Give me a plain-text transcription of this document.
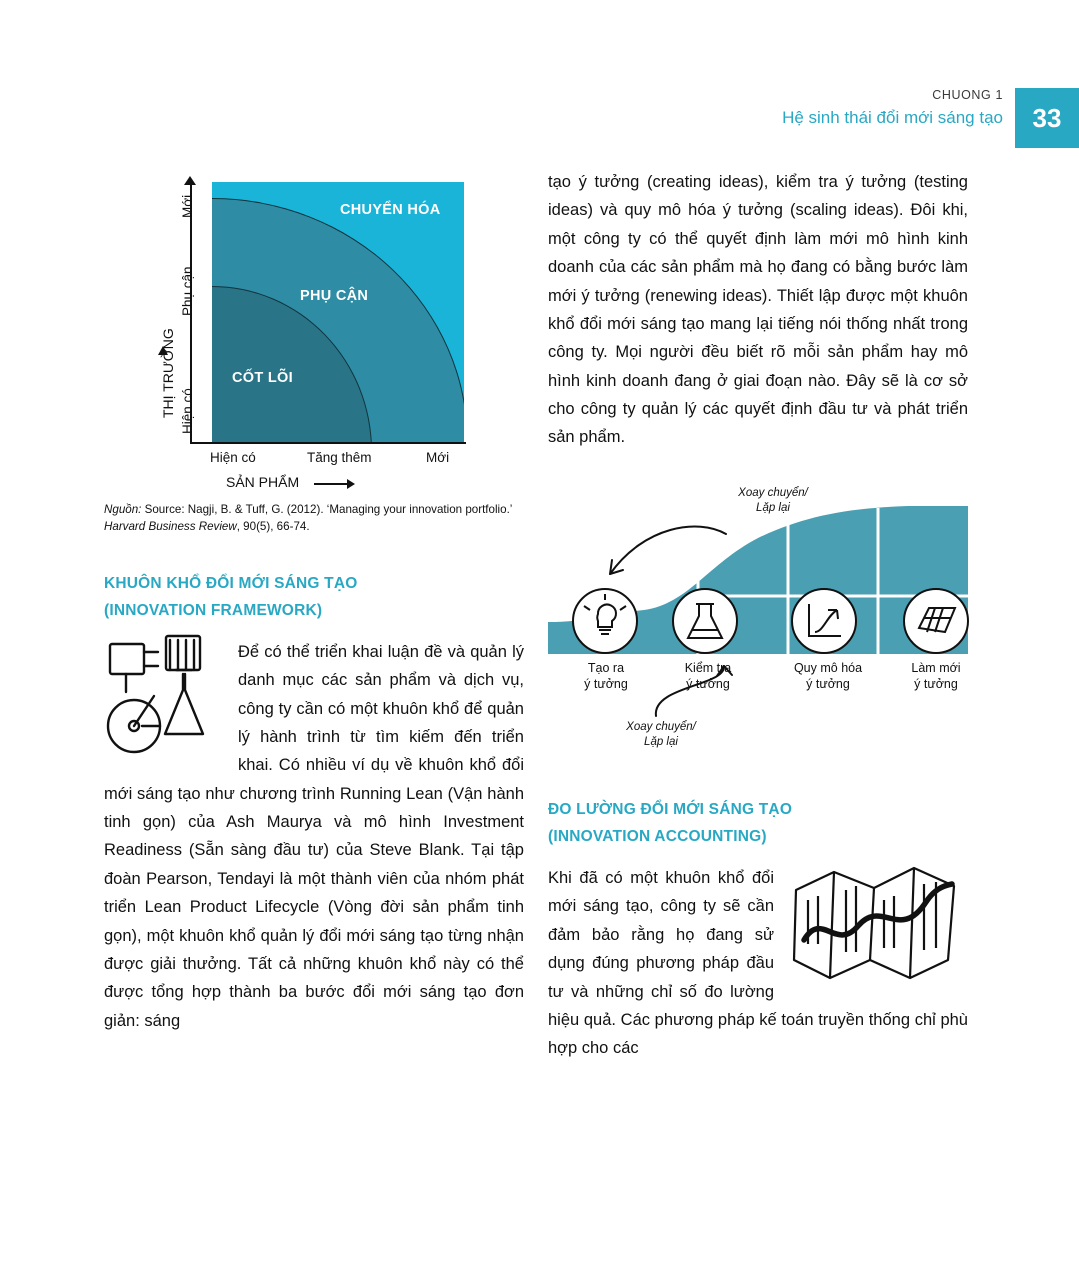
CHUONG 1
Hệ sinh thái đổi mới sáng tạo	33
CHUYỂN HÓA
PHỤ CẬN
CỐT LÕI
Mới
Phụ cận
Hiện có
THỊ TRƯỜNG
Hiện có	Tăng thêm	Mới
SẢN PHẨM
Nguồn: Source: Nagji, B. & Tuff, G. (2012). ‘Managing your innovation portfolio.’ Harvard Business Review, 90(5), 66-74.
KHUÔN KHỔ ĐỔI MỚI SÁNG TẠO
(INNOVATION FRAMEWORK)

Để có thể triển khai luận đề và quản lý danh mục các sản phẩm và dịch vụ, công ty cần có một khuôn khổ để quản lý hành trình từ tìm kiếm đến triển khai. Có nhiều ví dụ về khuôn khổ đổi mới sáng tạo như chương trình Running Lean (Vận hành tinh gọn) của Ash Maurya và mô hình Investment Readiness (Sẵn sàng đầu tư) của Steve Blank. Tại tập đoàn Pearson, Tendayi là một thành viên của nhóm phát triển Lean Product Lifecycle (Vòng đời sản phẩm tinh gọn), một khuôn khổ quản lý đổi mới sáng tạo từng nhận được giải thưởng. Tất cả những khuôn khổ này có thể được tổng hợp thành ba bước đổi mới sáng tạo đơn giản: sáng

tạo ý tưởng (creating ideas), kiểm tra ý tưởng (testing ideas) và quy mô hóa ý tưởng (scaling ideas). Đôi khi, một công ty có thể quyết định làm mới mô hình kinh doanh của các sản phẩm mà họ đang có bằng bước làm mới ý tưởng (renewing ideas). Thiết lập được một khuôn khổ đổi mới sáng tạo mang lại tiếng nói thống nhất trong công ty. Mọi người đều biết rõ mỗi sản phẩm hay mô hình kinh doanh đang ở giai đoạn nào. Đây sẽ là cơ sở cho công ty quản lý các quyết định đầu tư và phát triển sản phẩm.

Xoay chuyển/
Lặp lại
Tạo ra
ý tưởng
Kiểm tra
ý tưởng
Quy mô hóa
ý tưởng
Làm mới
ý tưởng
Xoay chuyển/
Lặp lại
ĐO LƯỜNG ĐỔI MỚI SÁNG TẠO
(INNOVATION ACCOUNTING)

Khi đã có một khuôn khổ đổi mới sáng tạo, công ty sẽ cần đảm bảo rằng họ đang sử dụng đúng phương pháp đầu tư và những chỉ số đo lường hiệu quả. Các phương pháp kế toán truyền thống chỉ phù hợp cho các
